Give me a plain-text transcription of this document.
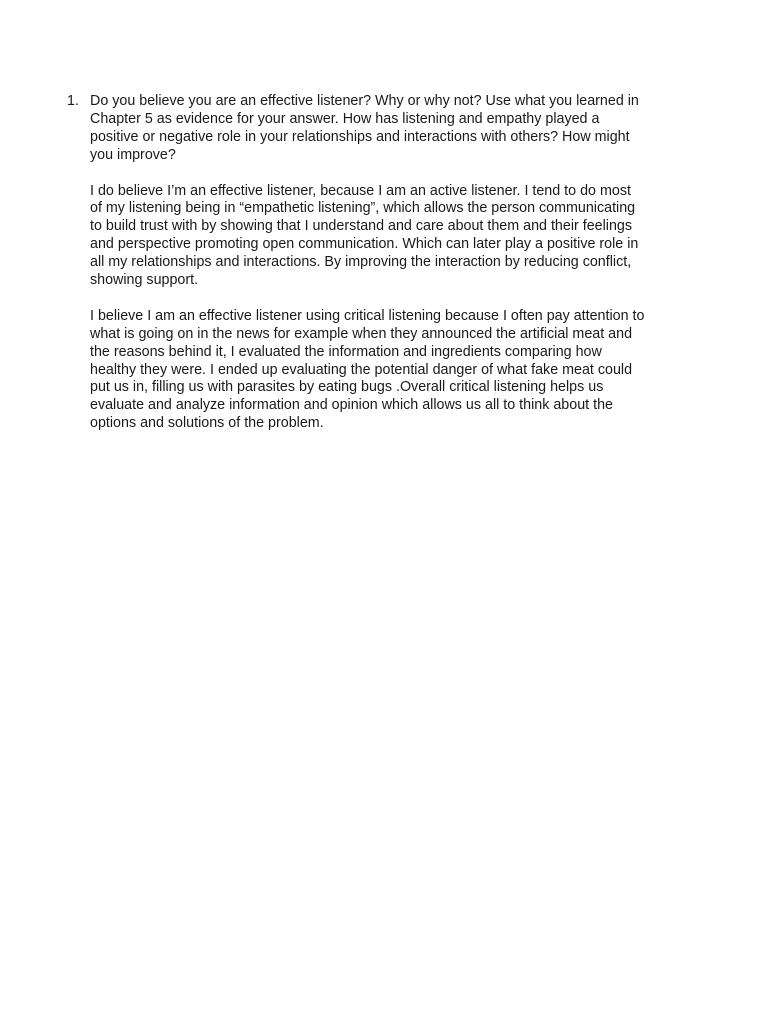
1. Do you believe you are an effective listener? Why or why not? Use what you learned in
Chapter 5 as evidence for your answer. How has listening and empathy played a
positive or negative role in your relationships and interactions with others? How might
you improve?

I do believe I’m an effective listener, because I am an active listener. I tend to do most
of my listening being in “empathetic listening”, which allows the person communicating
to build trust with by showing that I understand and care about them and their feelings
and perspective promoting open communication. Which can later play a positive role in
all my relationships and interactions. By improving the interaction by reducing conflict,
showing support.

I believe I am an effective listener using critical listening because I often pay attention to
what is going on in the news for example when they announced the artificial meat and
the reasons behind it, I evaluated the information and ingredients comparing how
healthy they were. I ended up evaluating the potential danger of what fake meat could
put us in, filling us with parasites by eating bugs .Overall critical listening helps us
evaluate and analyze information and opinion which allows us all to think about the
options and solutions of the problem.
